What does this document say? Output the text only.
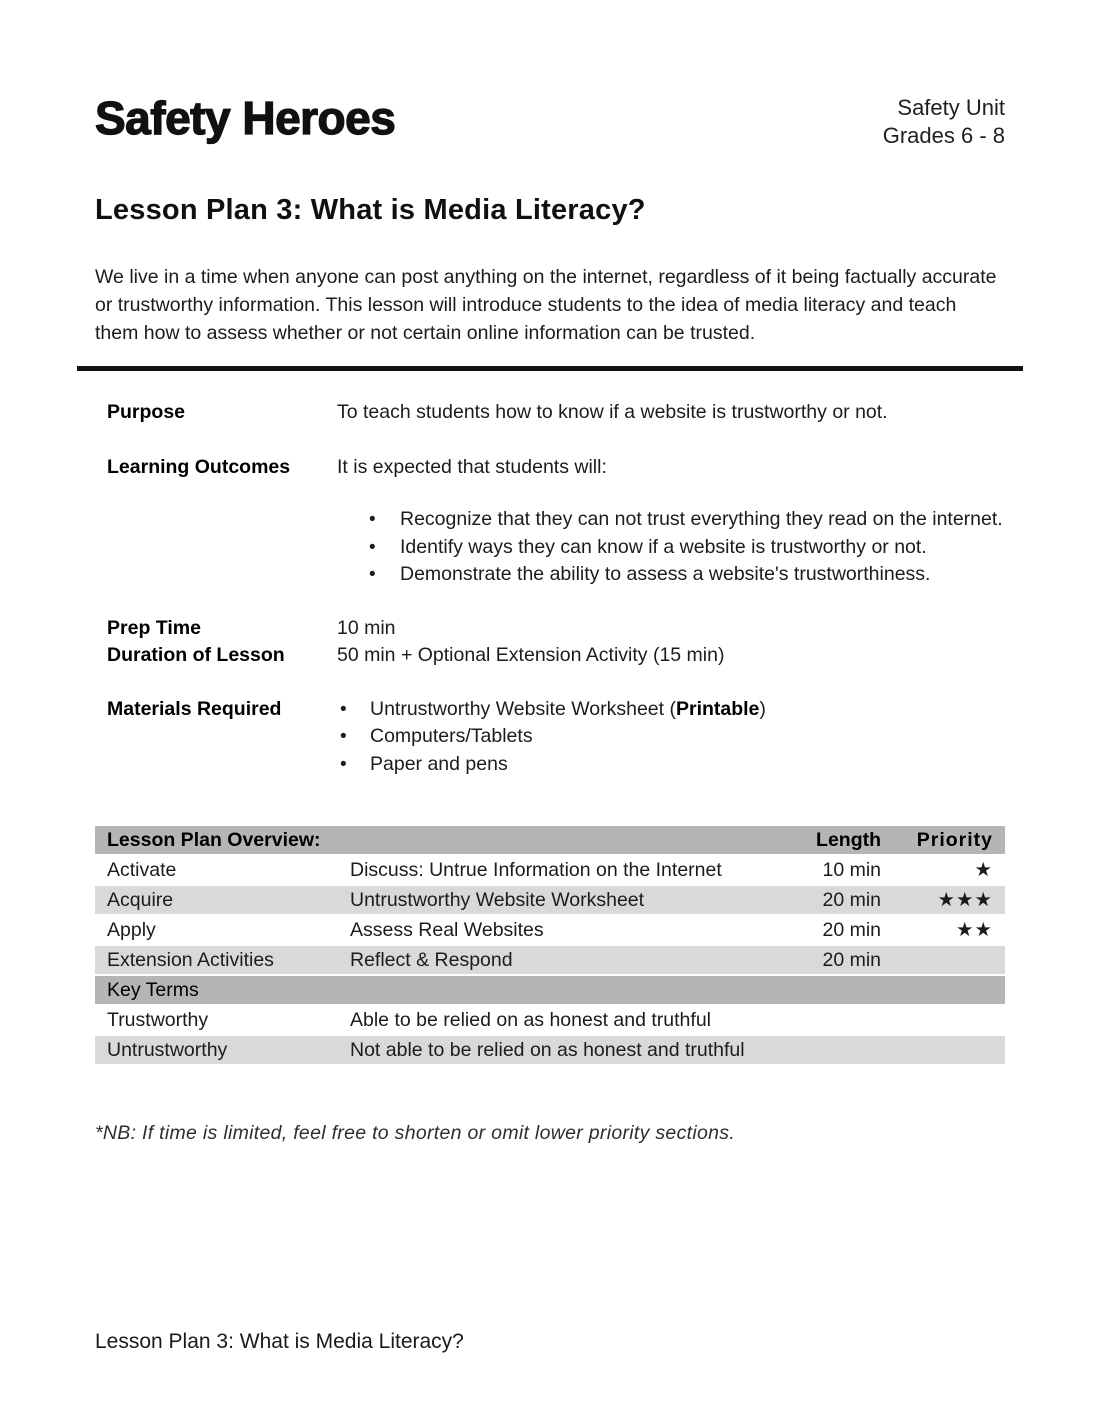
Safety Heroes	Safety Unit
Grades 6 - 8
Lesson Plan 3: What is Media Literacy?

We live in a time when anyone can post anything on the internet, regardless of it being factually accurate or trustworthy information. This lesson will introduce students to the idea of media literacy and teach them how to assess whether or not certain online information can be trusted.

Purpose	To teach students how to know if a website is trustworthy or not.
Learning Outcomes	It is expected that students will:
• Recognize that they can not trust everything they read on the internet.
• Identify ways they can know if a website is trustworthy or not.
• Demonstrate the ability to assess a website's trustworthiness.
Prep Time	10 min
Duration of Lesson	50 min + Optional Extension Activity (15 min)
Materials Required	• Untrustworthy Website Worksheet (Printable)
• Computers/Tablets
• Paper and pens
Lesson Plan Overview:		Length	Priority
Activate	Discuss: Untrue Information on the Internet	10 min	★
Acquire	Untrustworthy Website Worksheet	20 min	★★★
Apply	Assess Real Websites	20 min	★★
Extension Activities	Reflect & Respond	20 min	
Key Terms			
Trustworthy	Able to be relied on as honest and truthful		
Untrustworthy	Not able to be relied on as honest and truthful		

*NB: If time is limited, feel free to shorten or omit lower priority sections.

Lesson Plan 3: What is Media Literacy?
